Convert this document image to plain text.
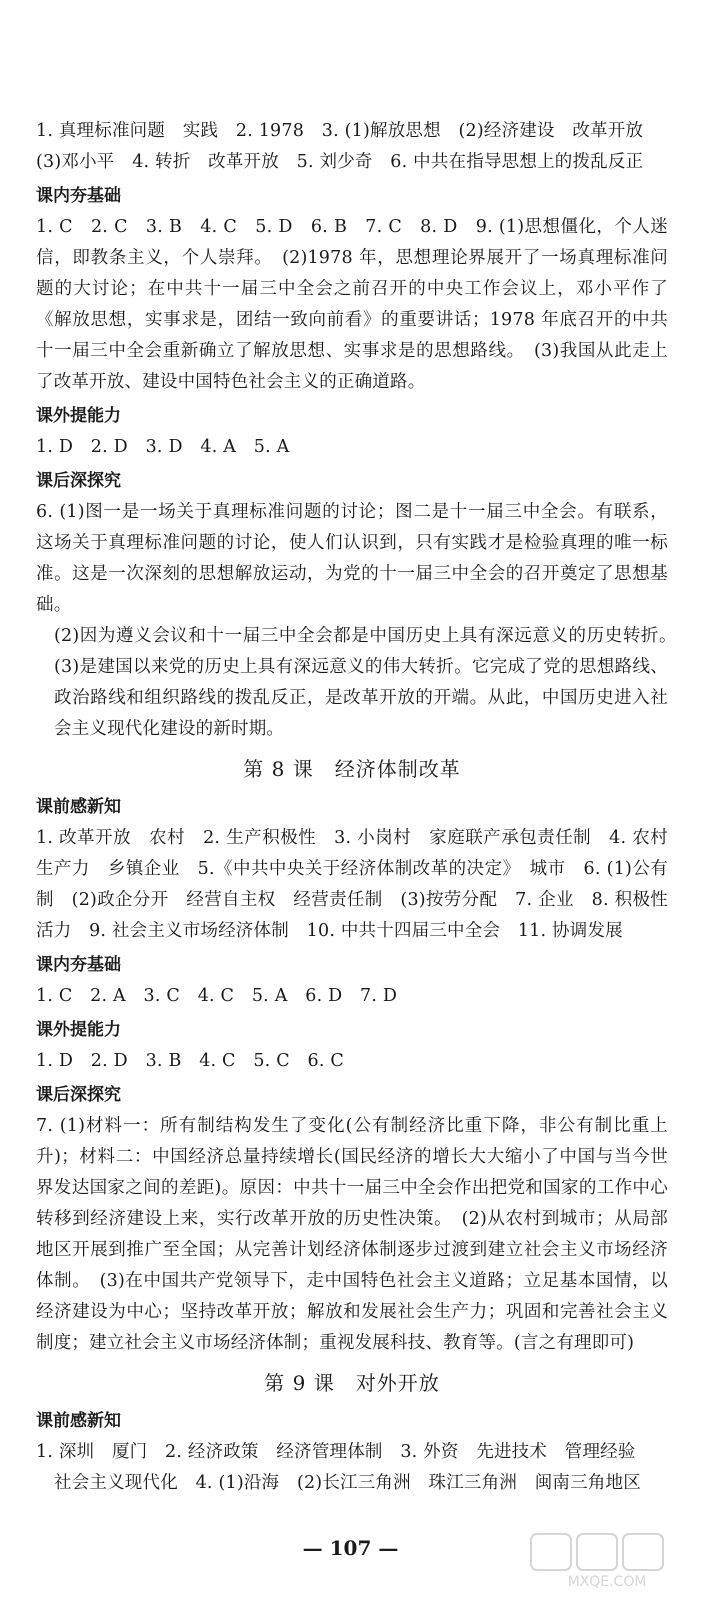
1. 真理标准问题　实践　2. 1978　3. (1)解放思想　(2)经济建设　改革开放

(3)邓小平　4. 转折　改革开放　5. 刘少奇　6. 中共在指导思想上的拨乱反正

课内夯基础

1. C　2. C　3. B　4. C　5. D　6. B　7. C　8. D　9. (1)思想僵化，个人迷信，即教条主义，个人崇拜。　(2)1978 年，思想理论界展开了一场真理标准问题的大讨论；在中共十一届三中全会之前召开的中央工作会议上，邓小平作了《解放思想，实事求是，团结一致向前看》的重要讲话；1978 年底召开的中共十一届三中全会重新确立了解放思想、实事求是的思想路线。　(3)我国从此走上了改革开放、建设中国特色社会主义的正确道路。

课外提能力

1. D　2. D　3. D　4. A　5. A

课后深探究

6. (1)图一是一场关于真理标准问题的讨论；图二是十一届三中全会。有联系，这场关于真理标准问题的讨论，使人们认识到，只有实践才是检验真理的唯一标准。这是一次深刻的思想解放运动，为党的十一届三中全会的召开奠定了思想基础。

(2)因为遵义会议和十一届三中全会都是中国历史上具有深远意义的历史转折。　(3)是建国以来党的历史上具有深远意义的伟大转折。它完成了党的思想路线、政治路线和组织路线的拨乱反正，是改革开放的开端。从此，中国历史进入社会主义现代化建设的新时期。

第 8 课　经济体制改革
课前感新知

1. 改革开放　农村　2. 生产积极性　3. 小岗村　家庭联产承包责任制　4. 农村生产力　乡镇企业　5.《中共中央关于经济体制改革的决定》　城市　6. (1)公有制　(2)政企分开　经营自主权　经营责任制　(3)按劳分配　7. 企业　8. 积极性　活力　9. 社会主义市场经济体制　10. 中共十四届三中全会　11. 协调发展

课内夯基础

1. C　2. A　3. C　4. C　5. A　6. D　7. D

课外提能力

1. D　2. D　3. B　4. C　5. C　6. C

课后深探究

7. (1)材料一：所有制结构发生了变化(公有制经济比重下降，非公有制比重上升)；材料二：中国经济总量持续增长(国民经济的增长大大缩小了中国与当今世界发达国家之间的差距)。原因：中共十一届三中全会作出把党和国家的工作中心转移到经济建设上来，实行改革开放的历史性决策。　(2)从农村到城市；从局部地区开展到推广至全国；从完善计划经济体制逐步过渡到建立社会主义市场经济体制。　(3)在中国共产党领导下，走中国特色社会主义道路；立足基本国情，以经济建设为中心；坚持改革开放；解放和发展社会生产力；巩固和完善社会主义制度；建立社会主义市场经济体制；重视发展科技、教育等。(言之有理即可)

第 9 课　对外开放
课前感新知

1. 深圳　厦门　2. 经济政策　经济管理体制　3. 外资　先进技术　管理经验

社会主义现代化　4. (1)沿海　(2)长江三角洲　珠江三角洲　闽南三角地区

— 107 —
MXQE.COM
